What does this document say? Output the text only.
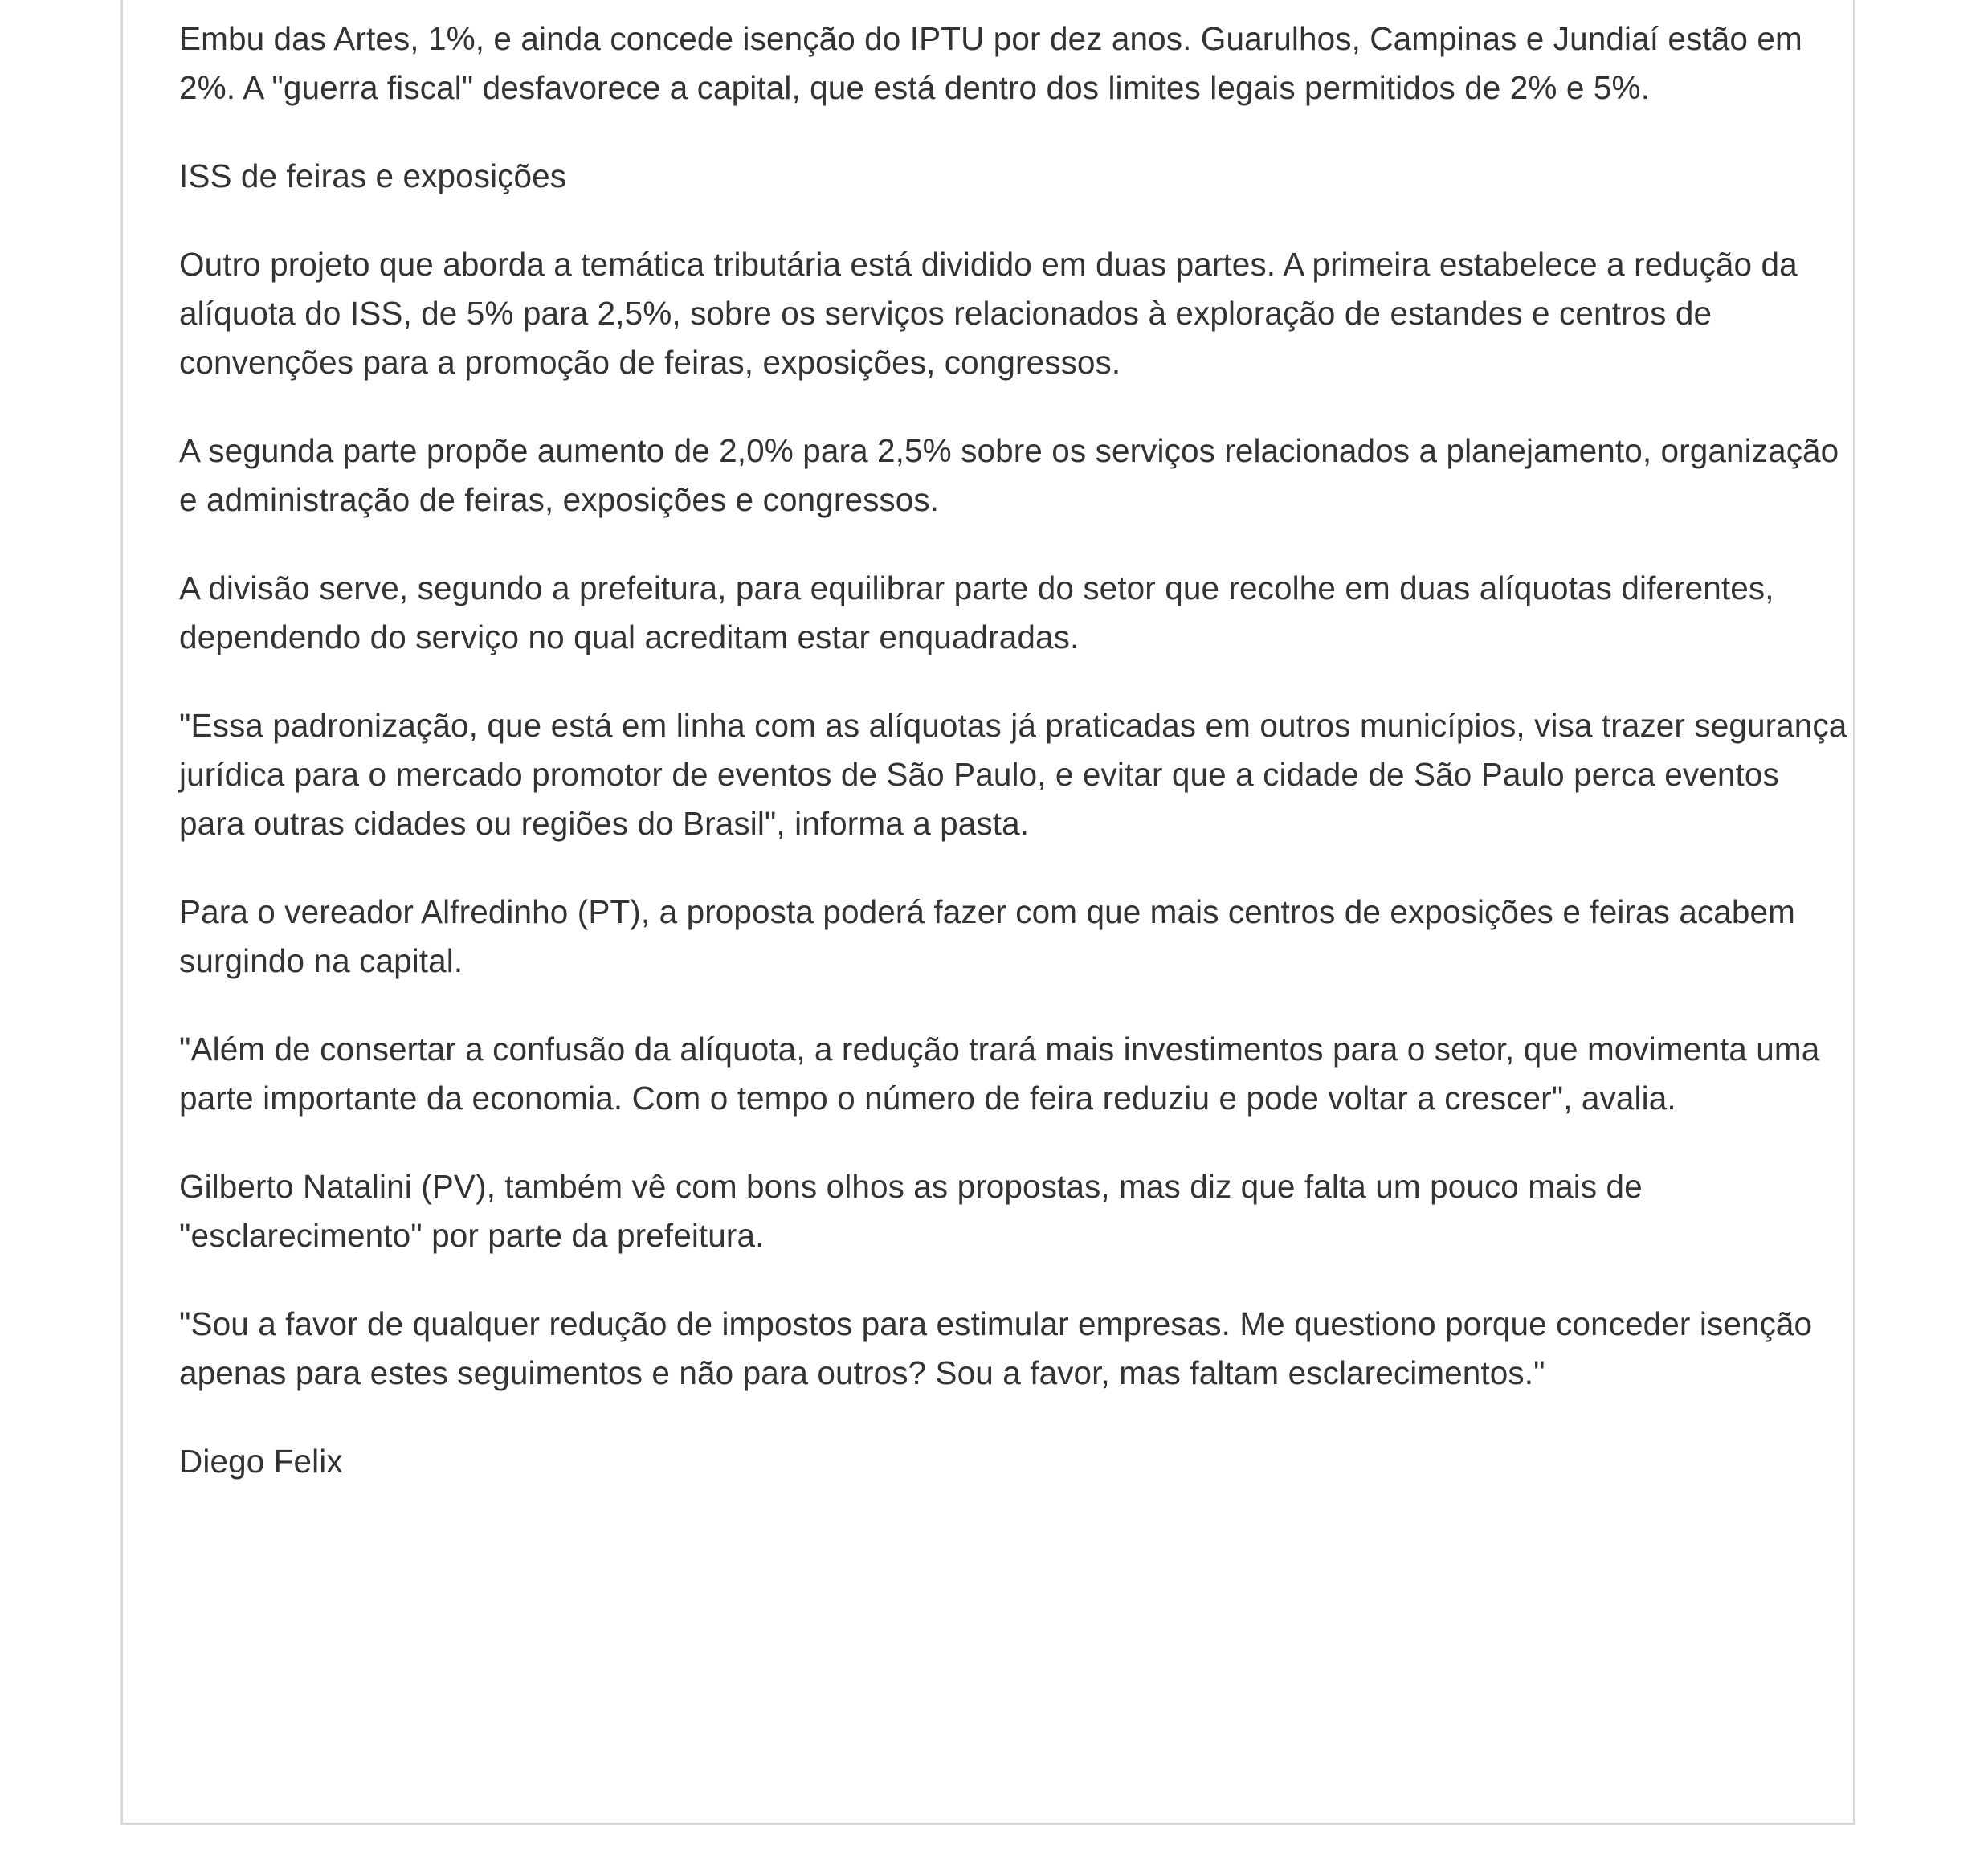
Embu das Artes, 1%, e ainda concede isenção do IPTU por dez anos. Guarulhos, Campinas e Jundiaí estão em 2%. A "guerra fiscal" desfavorece a capital, que está dentro dos limites legais permitidos de 2% e 5%.

ISS de feiras e exposições

Outro projeto que aborda a temática tributária está dividido em duas partes. A primeira estabelece a redução da alíquota do ISS, de 5% para 2,5%, sobre os serviços relacionados à exploração de estandes e centros de convenções para a promoção de feiras, exposições, congressos.

A segunda parte propõe aumento de 2,0% para 2,5% sobre os serviços relacionados a planejamento, organização e administração de feiras, exposições e congressos.

A divisão serve, segundo a prefeitura, para equilibrar parte do setor que recolhe em duas alíquotas diferentes, dependendo do serviço no qual acreditam estar enquadradas.

"Essa padronização, que está em linha com as alíquotas já praticadas em outros municípios, visa trazer segurança jurídica para o mercado promotor de eventos de São Paulo, e evitar que a cidade de São Paulo perca eventos para outras cidades ou regiões do Brasil", informa a pasta.

Para o vereador Alfredinho (PT), a proposta poderá fazer com que mais centros de exposições e feiras acabem surgindo na capital.

"Além de consertar a confusão da alíquota, a redução trará mais investimentos para o setor, que movimenta uma parte importante da economia. Com o tempo o número de feira reduziu e pode voltar a crescer", avalia.

Gilberto Natalini (PV), também vê com bons olhos as propostas, mas diz que falta um pouco mais de "esclarecimento" por parte da prefeitura.

"Sou a favor de qualquer redução de impostos para estimular empresas. Me questiono porque conceder isenção apenas para estes seguimentos e não para outros? Sou a favor, mas faltam esclarecimentos."

Diego Felix
